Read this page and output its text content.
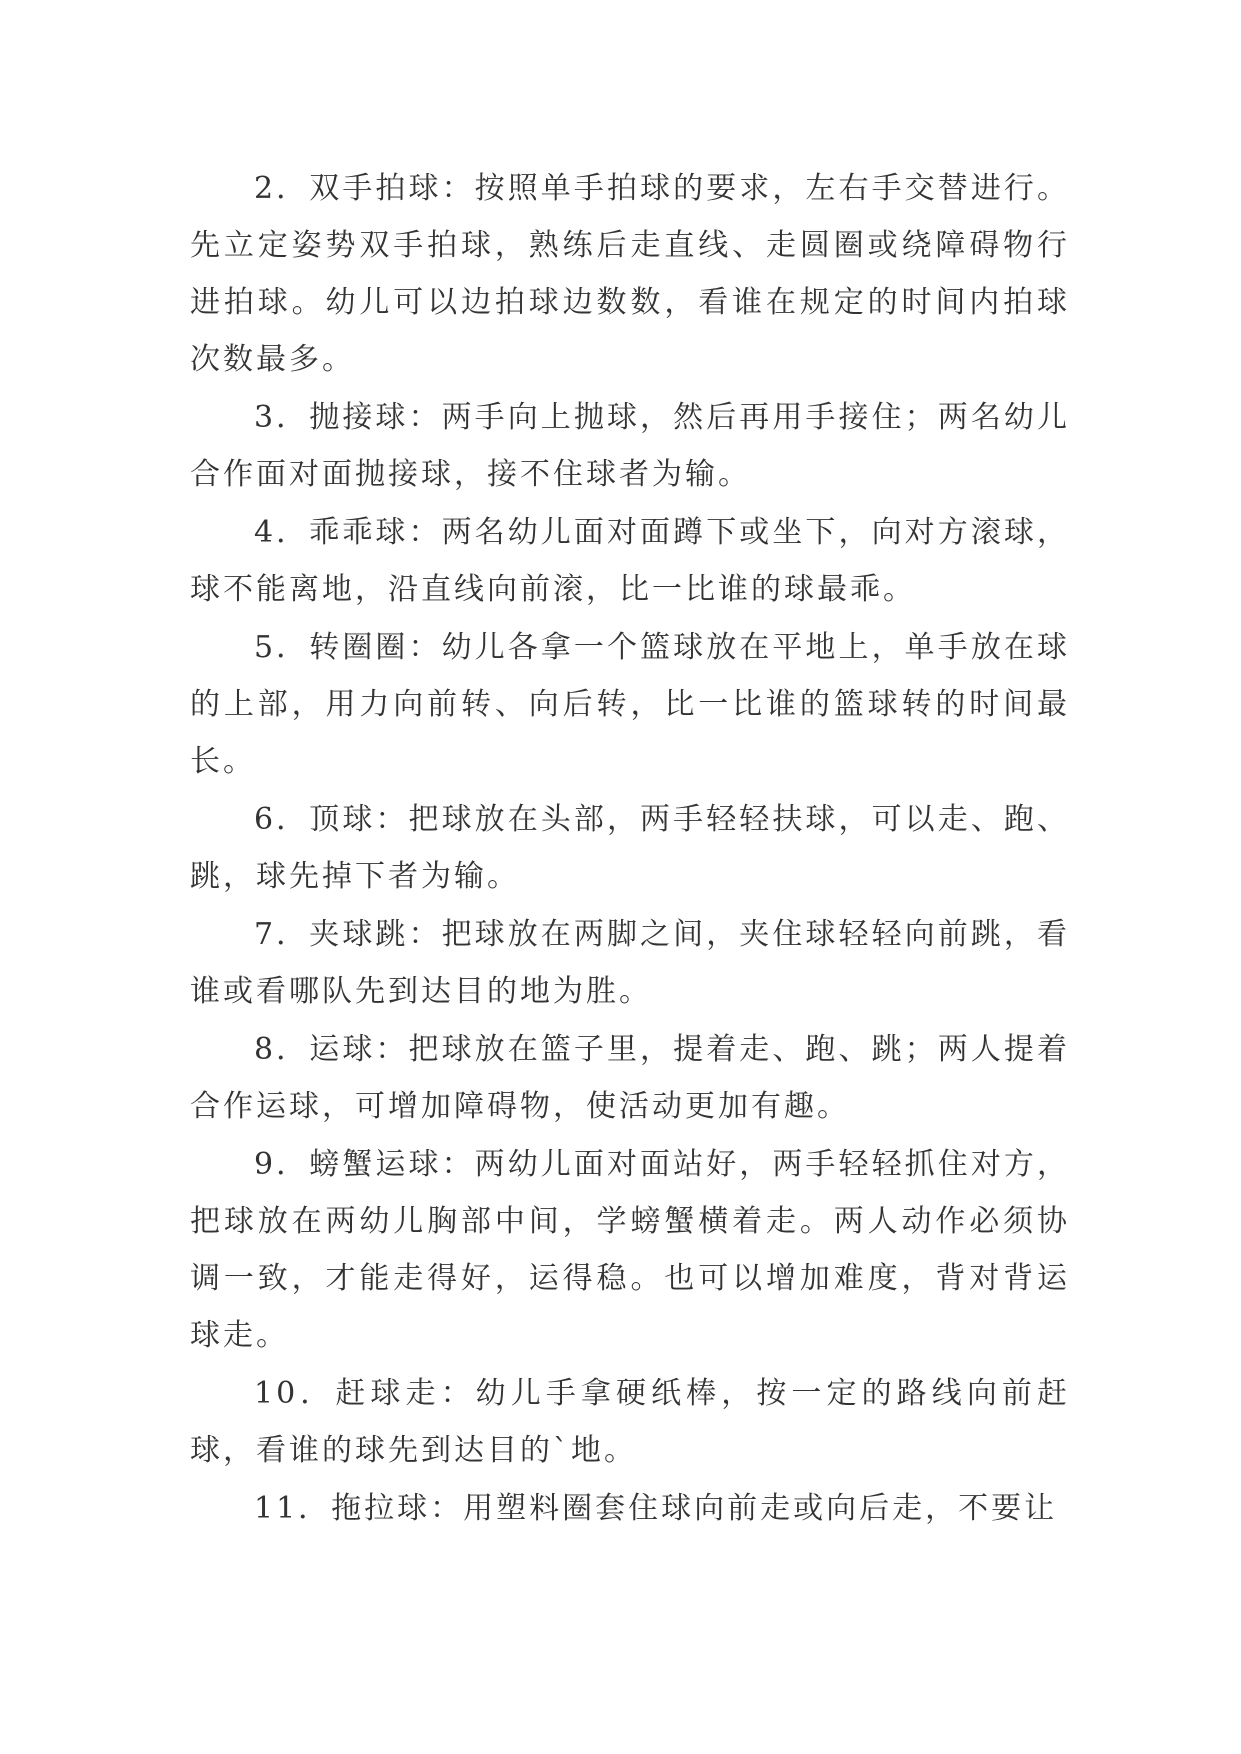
2．双手拍球：按照单手拍球的要求，左右手交替进行。先立定姿势双手拍球，熟练后走直线、走圆圈或绕障碍物行进拍球。幼儿可以边拍球边数数，看谁在规定的时间内拍球次数最多。

3．抛接球：两手向上抛球，然后再用手接住；两名幼儿合作面对面抛接球，接不住球者为输。

4．乖乖球：两名幼儿面对面蹲下或坐下，向对方滚球，球不能离地，沿直线向前滚，比一比谁的球最乖。

5．转圈圈：幼儿各拿一个篮球放在平地上，单手放在球的上部，用力向前转、向后转，比一比谁的篮球转的时间最长。

6．顶球：把球放在头部，两手轻轻扶球，可以走、跑、跳，球先掉下者为输。

7．夹球跳：把球放在两脚之间，夹住球轻轻向前跳，看谁或看哪队先到达目的地为胜。

8．运球：把球放在篮子里，提着走、跑、跳；两人提着合作运球，可增加障碍物，使活动更加有趣。

9．螃蟹运球：两幼儿面对面站好，两手轻轻抓住对方，把球放在两幼儿胸部中间，学螃蟹横着走。两人动作必须协调一致，才能走得好，运得稳。也可以增加难度，背对背运球走。

10．赶球走：幼儿手拿硬纸棒，按一定的路线向前赶球，看谁的球先到达目的`地。

11．拖拉球：用塑料圈套住球向前走或向后走，不要让
